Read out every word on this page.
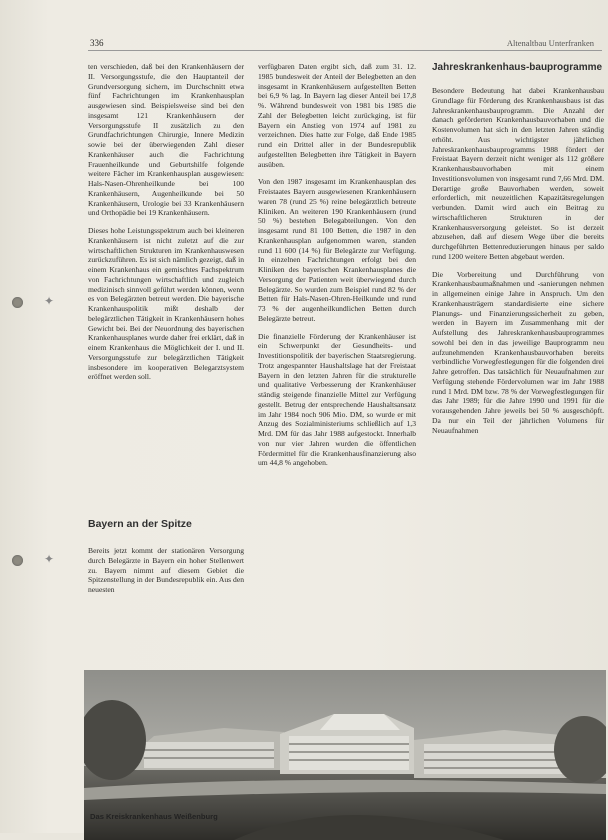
✦
✦
336	Altenaltbau Unterfranken

ten verschieden, daß bei den Krankenhäusern der II. Versorgungsstufe, die den Hauptanteil der Grundversorgung sichern, im Durchschnitt etwa fünf Fachrichtungen im Krankenhausplan ausgewiesen sind. Beispielsweise sind bei den insgesamt 121 Krankenhäusern der Versorgungsstufe II zusätzlich zu den Grundfachrichtungen Chirurgie, Innere Medizin sowie bei der überwiegenden Zahl dieser Krankenhäuser auch die Fachrichtung Frauenheilkunde und Geburtshilfe folgende weitere Fächer im Krankenhausplan ausgewiesen: Hals-Nasen-Ohrenheilkunde bei 100 Krankenhäusern, Augenheilkunde bei 50 Krankenhäusern, Urologie bei 33 Krankenhäusern und Orthopädie bei 19 Krankenhäusern.

Dieses hohe Leistungsspektrum auch bei kleineren Krankenhäusern ist nicht zuletzt auf die zur wirtschaftlichen Strukturen im Krankenhauswesen zurückzuführen. Es ist sich nämlich gezeigt, daß in einem Krankenhaus ein gemischtes Fachspektrum von Fachrichtungen wirtschaftlich und zugleich medizinisch sinnvoll geführt werden können, wenn es von Belegärzten betreut werden. Die bayerische Krankenhauspolitik mißt deshalb der belegärztlichen Tätigkeit in Krankenhäusern hohes Gewicht bei. Bei der Neuordnung des bayerischen Krankenhausplanes wurde daher frei erklärt, daß in einem Krankenhaus die Möglichkeit der I. und II. Versorgungsstufe zur belegärztlichen Tätigkeit insbesondere im kooperativen Belegarztsystem eröffnet werden soll.

Bayern an der Spitze

Bereits jetzt kommt der stationären Versorgung durch Belegärzte in Bayern ein hoher Stellenwert zu. Bayern nimmt auf diesem Gebiet die Spitzenstellung in der Bundesrepublik ein. Aus den neuesten

verfügbaren Daten ergibt sich, daß zum 31. 12. 1985 bundesweit der Anteil der Belegbetten an den insgesamt in Krankenhäusern aufgestellten Betten bei 6,9 % lag. In Bayern lag dieser Anteil bei 17,8 %. Während bundesweit von 1981 bis 1985 die Zahl der Belegbetten leicht zurückging, ist für Bayern ein Anstieg von 1974 auf 1981 zu verzeichnen. Dies hatte zur Folge, daß Ende 1985 rund ein Drittel aller in der Bundesrepublik aufgestellten Belegbetten ihre Tätigkeit in Bayern ausüben.

Von den 1987 insgesamt im Krankenhausplan des Freistaates Bayern ausgewiesenen Krankenhäusern waren 78 (rund 25 %) reine belegärztlich betreute Kliniken. An weiteren 190 Krankenhäusern (rund 50 %) bestehen Belegabteilungen. Von den insgesamt rund 81 100 Betten, die 1987 in den Krankenhausplan aufgenommen waren, standen rund 11 600 (14 %) für Belegärzte zur Verfügung. In einzelnen Fachrichtungen erfolgt bei den Kliniken des bayerischen Krankenhausplanes die Versorgung der Patienten weit überwiegend durch Belegärzte. So wurden zum Beispiel rund 82 % der Betten für Hals-Nasen-Ohren-Heilkunde und rund 73 % der augenheilkundlichen Betten durch Belegärzte betreut.

Die finanzielle Förderung der Krankenhäuser ist ein Schwerpunkt der Gesundheits- und Investitionspolitik der bayerischen Staatsregierung. Trotz angespannter Haushaltslage hat der Freistaat Bayern in den letzten Jahren für die strukturelle und qualitative Verbesserung der Krankenhäuser ständig steigende finanzielle Mittel zur Verfügung gestellt. Betrug der entsprechende Haushaltsansatz im Jahr 1984 noch 906 Mio. DM, so wurde er mit Anzug des Sozialministeriums schließlich auf 1,3 Mrd. DM für das Jahr 1988 aufgestockt. Innerhalb von nur vier Jahren wurden die öffentlichen Fördermittel für die Krankenhausfinanzierung also um 44,8 % angehoben.

Jahreskrankenhaus-bauprogramme

Besondere Bedeutung hat dabei Krankenhausbau Grundlage für Förderung des Krankenhausbaus ist das Jahreskrankenhausbauprogramm. Die Anzahl der danach geförderten Krankenhausbauvorhaben und die Kostenvolumen hat sich in den letzten Jahren ständig erhöht. Aus wichtigster jährlichen Jahreskrankenhausbauprogramms 1988 fördert der Freistaat Bayern derzeit nicht weniger als 112 größere Krankenhausbauvorhaben mit einem Investitionsvolumen von insgesamt rund 7,66 Mrd. DM. Derartige große Bauvorhaben werden, soweit erforderlich, mit neuzeitlichen Kapazitätsregelungen verbunden. Damit wird auch ein Beitrag zu wirtschaftlicheren Strukturen in der Krankenhausversorgung geleistet. So ist derzeit abzusehen, daß auf diesem Wege über die bereits durchgeführten Bettenreduzierungen hinaus per saldo rund 1200 weitere Betten abgebaut werden.

Die Vorbereitung und Durchführung von Krankenhausbaumaßnahmen und -sanierungen nehmen in allgemeinen einige Jahre in Anspruch. Um den Krankenhausträgern standardisierte eine sichere Planungs- und Finanzierungssicherheit zu geben, werden in Bayern im Zusammenhang mit der Aufstellung des Jahreskrankenhausbauprogrammes sowohl bei den in das jeweilige Bauprogramm neu aufzunehmenden Krankenhausbauvorhaben bereits verbindliche Vorwegfestlegungen für die folgenden drei Jahre getroffen. Das tatsächlich für Neuaufnahmen zur Verfügung stehende Fördervolumen war im Jahr 1988 rund 1 Mrd. DM bzw. 78 % der Vorwegfestlegungen für das Jahr 1989; für die Jahre 1990 und 1991 für die vorausgehenden Jahre jeweils bei 50 % ausgeschöpft. Da nur ein Teil der jährlichen Volumens für Neuaufnahmen

Das Kreiskrankenhaus Weißenburg
